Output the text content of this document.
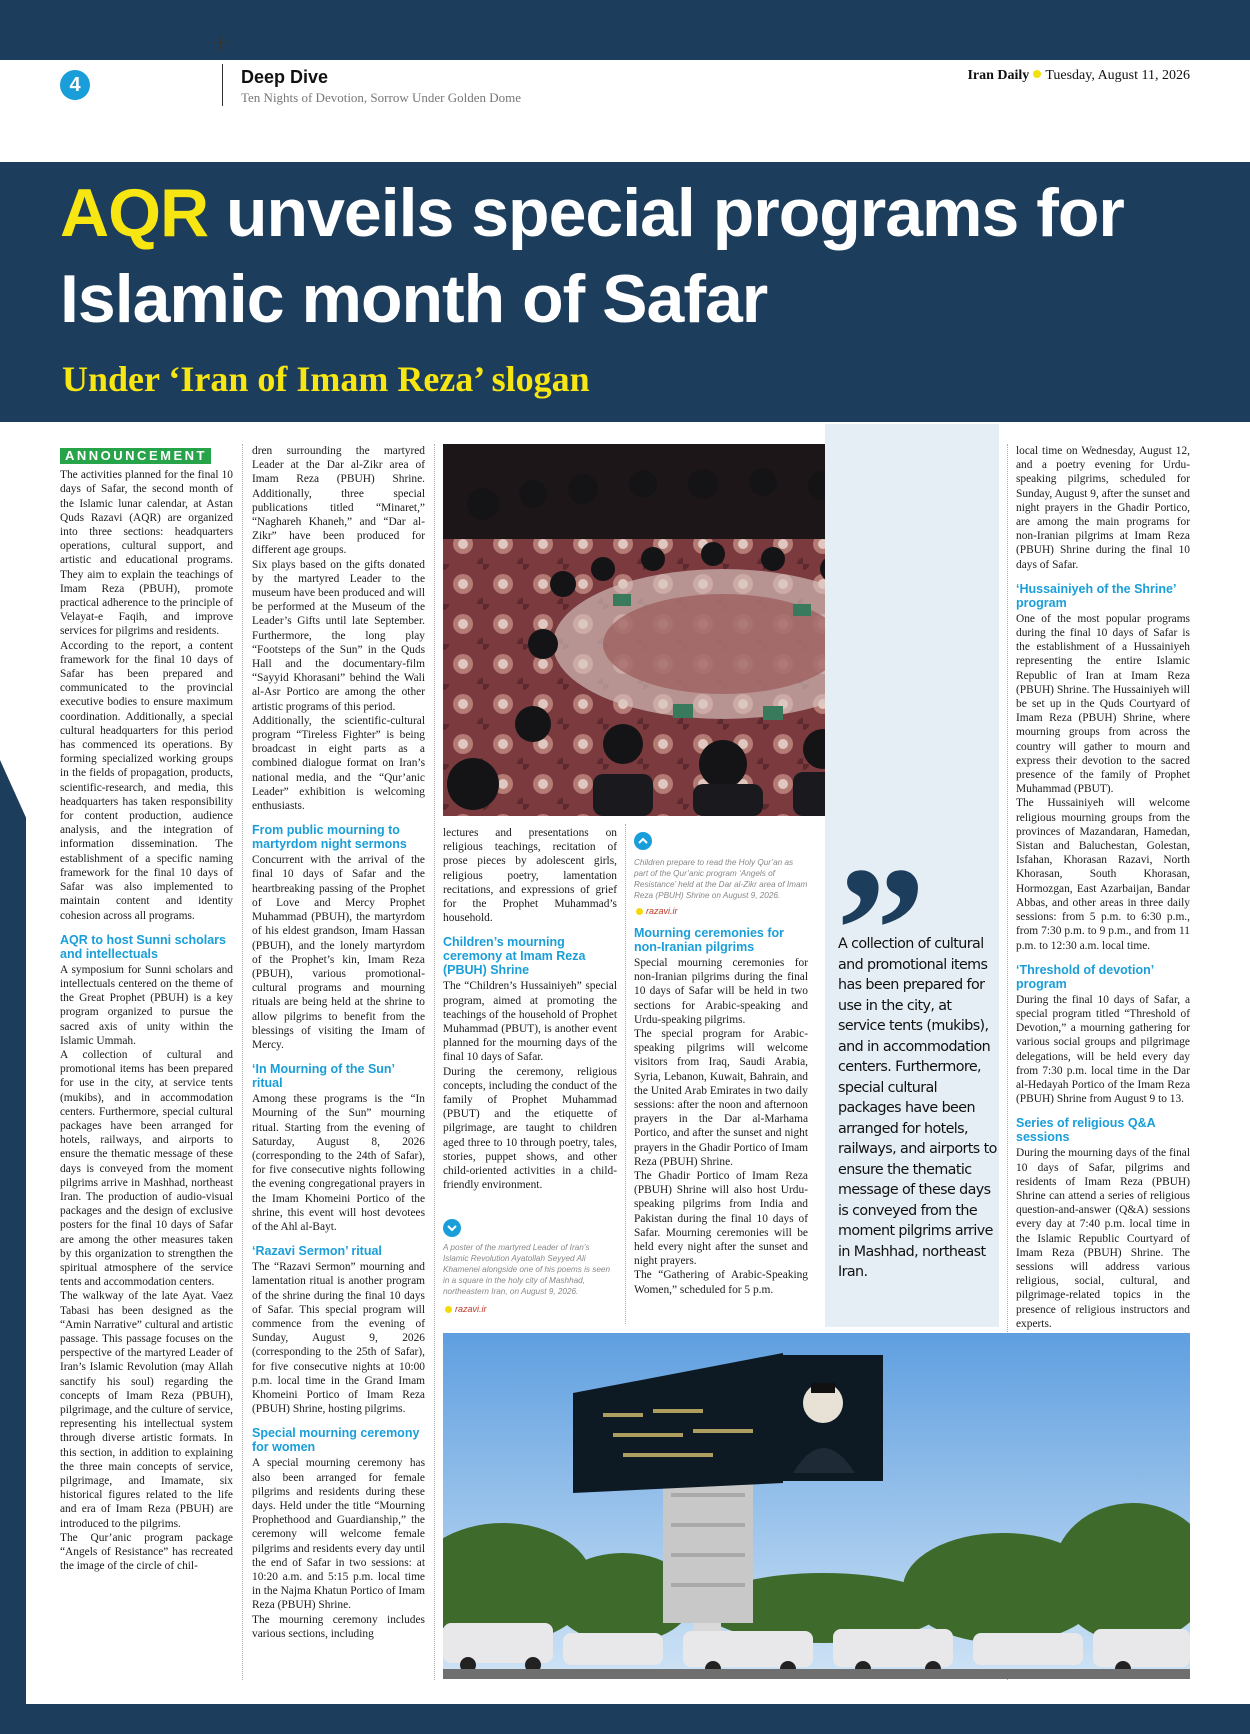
4	Deep Dive
Ten Nights of Devotion, Sorrow Under Golden Dome
Iran Daily Tuesday, August 11, 2026
AQR unveils special programs for Islamic month of Safar
Under ‘Iran of Imam Reza’ slogan
ANNOUNCEMENT

The activities planned for the final 10 days of Safar, the second month of the Islamic lunar calendar, at Astan Quds Razavi (AQR) are organized into three sections: headquarters operations, cultural support, and artistic and educational programs. They aim to explain the teachings of Imam Reza (PBUH), promote practical adherence to the principle of Velayat-e Faqih, and improve services for pilgrims and residents.

According to the report, a content framework for the final 10 days of Safar has been prepared and communicated to the provincial executive bodies to ensure maximum coordination. Additionally, a special cultural headquarters for this period has commenced its operations. By forming specialized working groups in the fields of propagation, products, scientific-research, and media, this headquarters has taken responsibility for content production, audience analysis, and the integration of information dissemination. The establishment of a specific naming framework for the final 10 days of Safar was also implemented to maintain content and identity cohesion across all programs.

AQR to host Sunni scholars and intellectuals

A symposium for Sunni scholars and intellectuals centered on the theme of the Great Prophet (PBUH) is a key program organized to pursue the sacred axis of unity within the Islamic Ummah.

A collection of cultural and promotional items has been prepared for use in the city, at service tents (mukibs), and in accommodation centers. Furthermore, special cultural packages have been arranged for hotels, railways, and airports to ensure the thematic message of these days is conveyed from the moment pilgrims arrive in Mashhad, northeast Iran. The production of audio-visual packages and the design of exclusive posters for the final 10 days of Safar are among the other measures taken by this organization to strengthen the spiritual atmosphere of the service tents and accommodation centers.

The walkway of the late Ayat. Vaez Tabasi has been designed as the “Amin Narrative” cultural and artistic passage. This passage focuses on the perspective of the martyred Leader of Iran’s Islamic Revolution (may Allah sanctify his soul) regarding the concepts of Imam Reza (PBUH), pilgrimage, and the culture of service, representing his intellectual system through diverse artistic formats. In this section, in addition to explaining the three main concepts of service, pilgrimage, and Imamate, six historical figures related to the life and era of Imam Reza (PBUH) are introduced to the pilgrims.

The Qur’anic program package “Angels of Resistance” has recreated the image of the circle of chil-

dren surrounding the martyred Leader at the Dar al-Zikr area of Imam Reza (PBUH) Shrine. Additionally, three special publications titled “Minaret,” “Naghareh Khaneh,” and “Dar al-Zikr” have been produced for different age groups.

Six plays based on the gifts donated by the martyred Leader to the museum have been produced and will be performed at the Museum of the Leader’s Gifts until late September. Furthermore, the long play “Footsteps of the Sun” in the Quds Hall and the documentary-film “Sayyid Khorasani” behind the Wali al-Asr Portico are among the other artistic programs of this period.

Additionally, the scientific-cultural program “Tireless Fighter” is being broadcast in eight parts as a combined dialogue format on Iran’s national media, and the “Qur’anic Leader” exhibition is welcoming enthusiasts.

From public mourning to martyrdom night sermons

Concurrent with the arrival of the final 10 days of Safar and the heartbreaking passing of the Prophet of Love and Mercy Prophet Muhammad (PBUH), the martyrdom of his eldest grandson, Imam Hassan (PBUH), and the lonely martyrdom of the Prophet’s kin, Imam Reza (PBUH), various promotional-cultural programs and mourning rituals are being held at the shrine to allow pilgrims to benefit from the blessings of visiting the Imam of Mercy.

‘In Mourning of the Sun’ ritual

Among these programs is the “In Mourning of the Sun” mourning ritual. Starting from the evening of Saturday, August 8, 2026 (corresponding to the 24th of Safar), for five consecutive nights following the evening congregational prayers in the Imam Khomeini Portico of the shrine, this event will host devotees of the Ahl al-Bayt.

‘Razavi Sermon’ ritual

The “Razavi Sermon” mourning and lamentation ritual is another program of the shrine during the final 10 days of Safar. This special program will commence from the evening of Sunday, August 9, 2026 (corresponding to the 25th of Safar), for five consecutive nights at 10:00 p.m. local time in the Grand Imam Khomeini Portico of Imam Reza (PBUH) Shrine, hosting pilgrims.

Special mourning ceremony for women

A special mourning ceremony has also been arranged for female pilgrims and residents during these days. Held under the title “Mourning Prophethood and Guardianship,” the ceremony will welcome female pilgrims and residents every day until the end of Safar in two sessions: at 10:20 a.m. and 5:15 p.m. local time in the Najma Khatun Portico of Imam Reza (PBUH) Shrine.

The mourning ceremony includes various sections, including

lectures and presentations on religious teachings, recitation of prose pieces by adolescent girls, religious poetry, lamentation recitations, and expressions of grief for the Prophet Muhammad’s household.

Children’s mourning ceremony at Imam Reza (PBUH) Shrine

The “Children’s Hussainiyeh” special program, aimed at promoting the teachings of the household of Prophet Muhammad (PBUT), is another event planned for the mourning days of the final 10 days of Safar.

During the ceremony, religious concepts, including the conduct of the family of Prophet Muhammad (PBUT) and the etiquette of pilgrimage, are taught to children aged three to 10 through poetry, tales, stories, puppet shows, and other child-oriented activities in a child-friendly environment.

A poster of the martyred Leader of Iran’s Islamic Revolution Ayatollah Seyyed Ali Khamenei alongside one of his poems is seen in a square in the holy city of Mashhad, northeastern Iran, on August 9, 2026.
razavi.ir
Children prepare to read the Holy Qur’an as part of the Qur’anic program ‘Angels of Resistance’ held at the Dar al-Zikr area of Imam Reza (PBUH) Shrine on August 9, 2026.
razavi.ir
Mourning ceremonies for non-Iranian pilgrims

Special mourning ceremonies for non-Iranian pilgrims during the final 10 days of Safar will be held in two sections for Arabic-speaking and Urdu-speaking pilgrims.

The special program for Arabic-speaking pilgrims will welcome visitors from Iraq, Saudi Arabia, Syria, Lebanon, Kuwait, Bahrain, and the United Arab Emirates in two daily sessions: after the noon and afternoon prayers in the Dar al-Marhama Portico, and after the sunset and night prayers in the Ghadir Portico of Imam Reza (PBUH) Shrine.

The Ghadir Portico of Imam Reza (PBUH) Shrine will also host Urdu-speaking pilgrims from India and Pakistan during the final 10 days of Safar. Mourning ceremonies will be held every night after the sunset and night prayers.

The “Gathering of Arabic-Speaking Women,” scheduled for 5 p.m.

A collection of cultural and promotional items has been prepared for use in the city, at service tents (mukibs), and in accommodation centers. Furthermore, special cultural packages have been arranged for hotels, railways, and airports to ensure the thematic message of these days is conveyed from the moment pilgrims arrive in Mashhad, northeast Iran.

local time on Wednesday, August 12, and a poetry evening for Urdu-speaking pilgrims, scheduled for Sunday, August 9, after the sunset and night prayers in the Ghadir Portico, are among the main programs for non-Iranian pilgrims at Imam Reza (PBUH) Shrine during the final 10 days of Safar.

‘Hussainiyeh of the Shrine’ program

One of the most popular programs during the final 10 days of Safar is the establishment of a Hussainiyeh representing the entire Islamic Republic of Iran at Imam Reza (PBUH) Shrine. The Hussainiyeh will be set up in the Quds Courtyard of Imam Reza (PBUH) Shrine, where mourning groups from across the country will gather to mourn and express their devotion to the sacred presence of the family of Prophet Muhammad (PBUT).

The Hussainiyeh will welcome religious mourning groups from the provinces of Mazandaran, Hamedan, Sistan and Baluchestan, Golestan, Isfahan, Khorasan Razavi, North Khorasan, South Khorasan, Hormozgan, East Azarbaijan, Bandar Abbas, and other areas in three daily sessions: from 5 p.m. to 6:30 p.m., from 7:30 p.m. to 9 p.m., and from 11 p.m. to 12:30 a.m. local time.

‘Threshold of devotion’ program

During the final 10 days of Safar, a special program titled “Threshold of Devotion,” a mourning gathering for various social groups and pilgrimage delegations, will be held every day from 7:30 p.m. local time in the Dar al-Hedayah Portico of the Imam Reza (PBUH) Shrine from August 9 to 13.

Series of religious Q&A sessions

During the mourning days of the final 10 days of Safar, pilgrims and residents of Imam Reza (PBUH) Shrine can attend a series of religious question-and-answer (Q&A) sessions every day at 7:40 p.m. local time in the Islamic Republic Courtyard of Imam Reza (PBUH) Shrine. The sessions will address various religious, social, cultural, and pilgrimage-related topics in the presence of religious instructors and experts.
